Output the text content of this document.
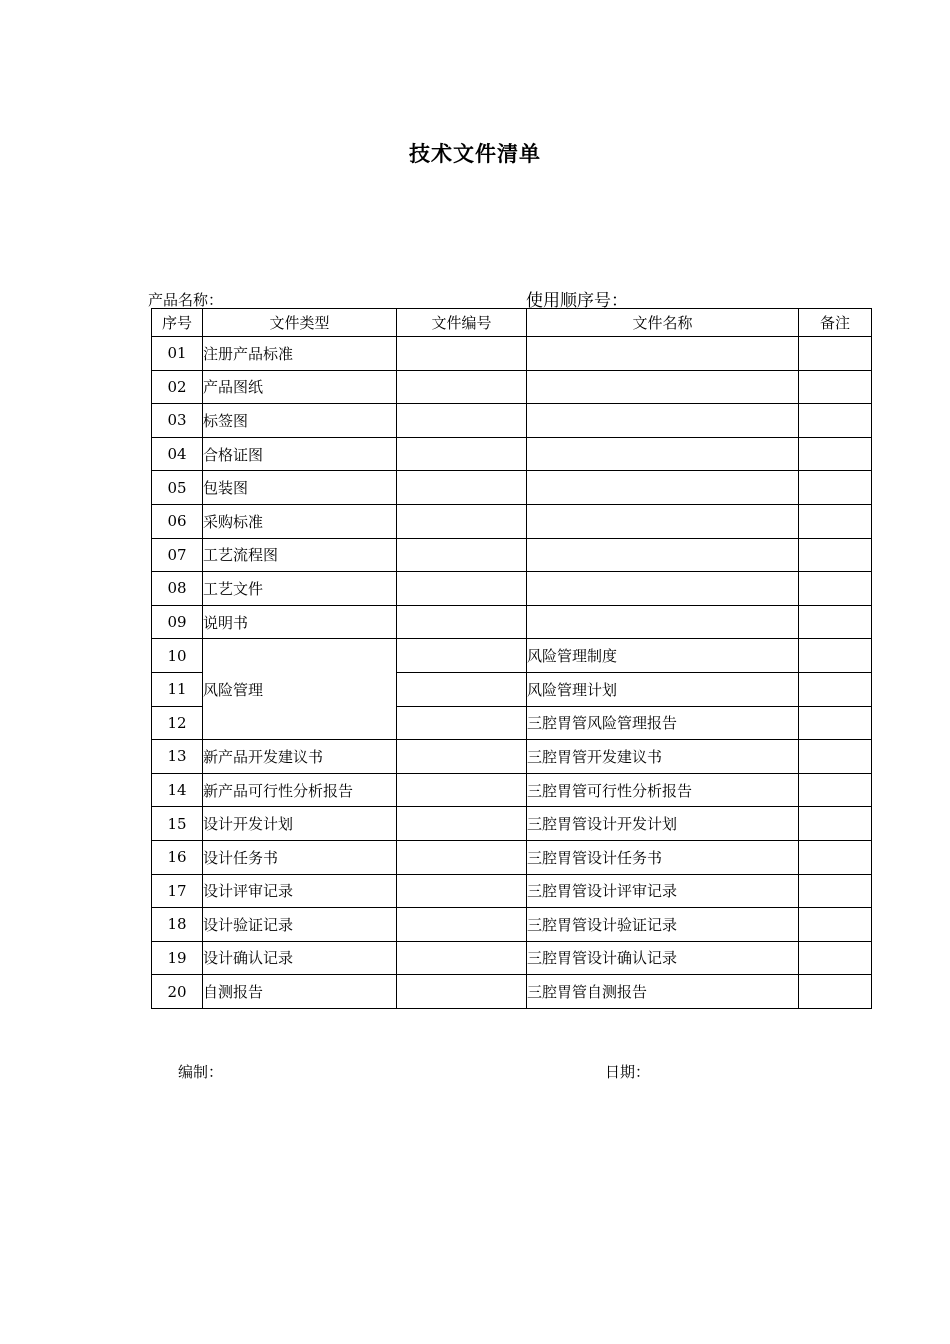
技术文件清单
产品名称：	使用顺序号：
序号	文件类型	文件编号	文件名称	备注
01	注册产品标准			
02	产品图纸			
03	标签图			
04	合格证图			
05	包装图			
06	采购标准			
07	工艺流程图			
08	工艺文件			
09	说明书			
10	风险管理		风险管理制度	
11			风险管理计划	
12			三腔胃管风险管理报告	
13	新产品开发建议书		三腔胃管开发建议书	
14	新产品可行性分析报告		三腔胃管可行性分析报告	
15	设计开发计划		三腔胃管设计开发计划	
16	设计任务书		三腔胃管设计任务书	
17	设计评审记录		三腔胃管设计评审记录	
18	设计验证记录		三腔胃管设计验证记录	
19	设计确认记录		三腔胃管设计确认记录	
20	自测报告		三腔胃管自测报告	
编制：	日期：
